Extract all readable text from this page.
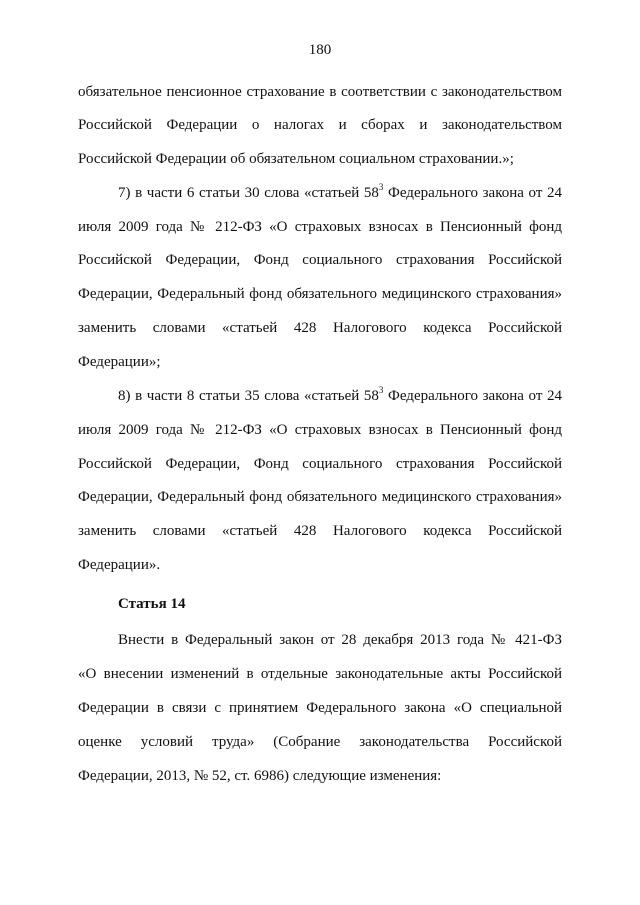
180
обязательное пенсионное страхование в соответствии с законодательством
Российской Федерации о налогах и сборах и законодательством
Российской Федерации об обязательном социальном страховании.»;
7) в части 6 статьи 30 слова «статьей $58^3$ Федерального закона от 24
июля 2009 года № 212-ФЗ «О страховых взносах в Пенсионный фонд
Российской Федерации, Фонд социального страхования Российской
Федерации, Федеральный фонд обязательного медицинского страхования»
заменить словами «статьей 428 Налогового кодекса Российской
Федерации»;
8) в части 8 статьи 35 слова «статьей $58^3$ Федерального закона от 24
июля 2009 года № 212-ФЗ «О страховых взносах в Пенсионный фонд
Российской Федерации, Фонд социального страхования Российской
Федерации, Федеральный фонд обязательного медицинского страхования»
заменить словами «статьей 428 Налогового кодекса Российской
Федерации».
Статья 14
Внести в Федеральный закон от 28 декабря 2013 года № 421-ФЗ
«О внесении изменений в отдельные законодательные акты Российской
Федерации в связи с принятием Федерального закона «О специальной
оценке условий труда» (Собрание законодательства Российской
Федерации, 2013, № 52, ст. 6986) следующие изменения:
